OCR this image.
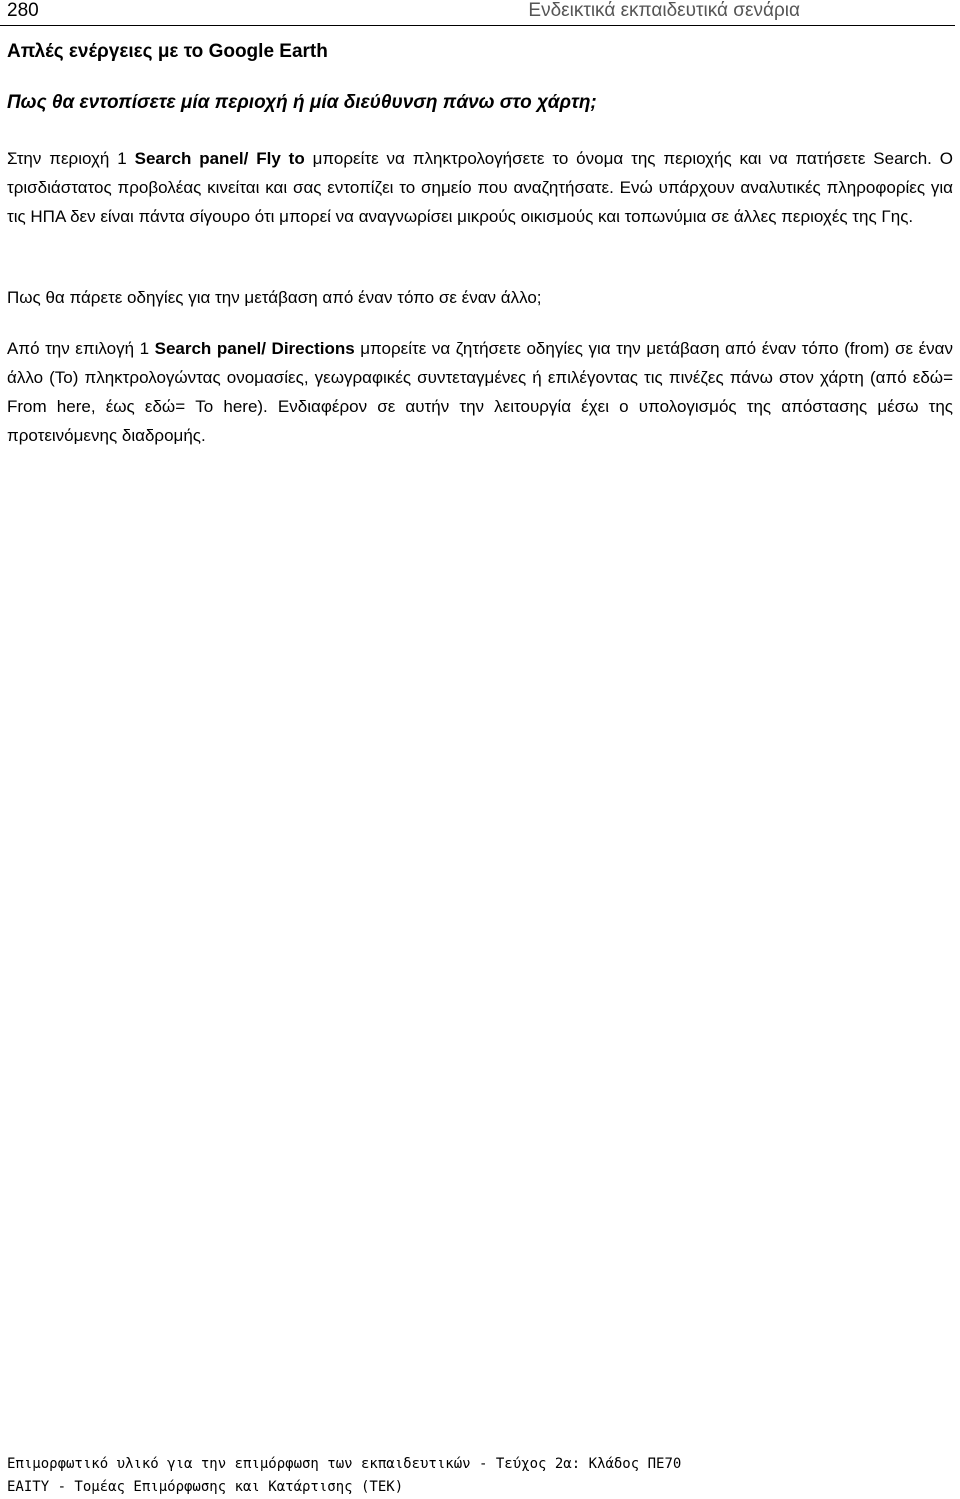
280	Ενδεικτικά εκπαιδευτικά σενάρια
Απλές ενέργειες με το Google Earth
Πως θα εντοπίσετε μία περιοχή ή μία διεύθυνση πάνω στο χάρτη;
Στην περιοχή 1 Search panel/ Fly to μπορείτε να πληκτρολογήσετε το όνομα της περιοχής και να πατήσετε Search. Ο τρισδιάστατος προβολέας κινείται και σας εντοπίζει το σημείο που αναζητήσατε. Ενώ υπάρχουν αναλυτικές πληροφορίες για τις ΗΠΑ δεν είναι πάντα σίγουρο ότι μπορεί να αναγνωρίσει μικρούς οικισμούς και τοπωνύμια σε άλλες περιοχές της Γης.
Πως θα πάρετε οδηγίες για την μετάβαση από έναν τόπο σε έναν άλλο;
Από την επιλογή 1 Search panel/ Directions μπορείτε να ζητήσετε οδηγίες για την μετάβαση από έναν τόπο (from) σε έναν άλλο (To) πληκτρολογώντας ονομασίες, γεωγραφικές συντεταγμένες ή επιλέγοντας τις πινέζες πάνω στον χάρτη (από εδώ= From here, έως εδώ= To here). Ενδιαφέρον σε αυτήν την λειτουργία έχει ο υπολογισμός της απόστασης μέσω της προτεινόμενης διαδρομής.
Επιμορφωτικό υλικό για την επιμόρφωση των εκπαιδευτικών - Τεύχος 2α: Κλάδος ΠΕ70
ΕΑΙΤΥ - Τομέας Επιμόρφωσης και Κατάρτισης (ΤΕΚ)
